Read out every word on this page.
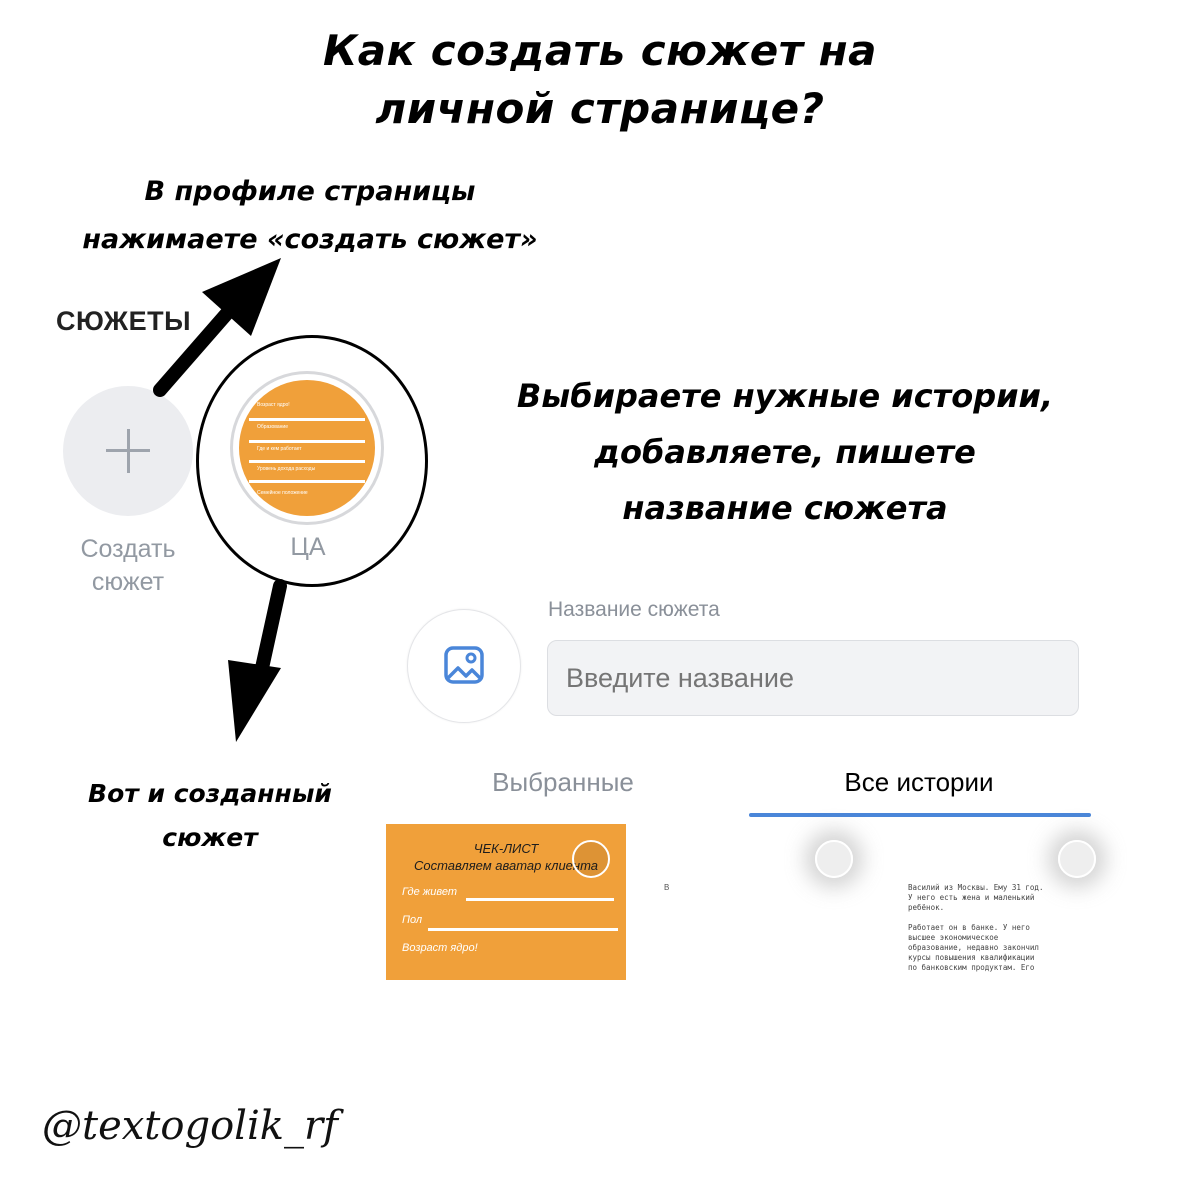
Как создать сюжет на
личной странице?
В профиле страницы
нажимаете «создать сюжет»
СЮЖЕТЫ
Создать
сюжет
Возраст ядро!
Образование
Где и кем работает
Уровень дохода расходы
Семейное положение
ЦА
Выбираете нужные истории,
добавляете, пишете
название сюжета
Название сюжета
Введите название
Выбранные	Все истории
ЧЕК-ЛИСТ
Составляем аватар клиента
Где живет
Пол
Возраст ядро!
В	Василий из Москвы. Ему 31 год.
У него есть жена и маленький
ребёнок.

Работает он в банке. У него
высшее экономическое
образование, недавно закончил
курсы повышения квалификации
по банковским продуктам. Его
Вот и созданный
сюжет
@textogolik_rf
